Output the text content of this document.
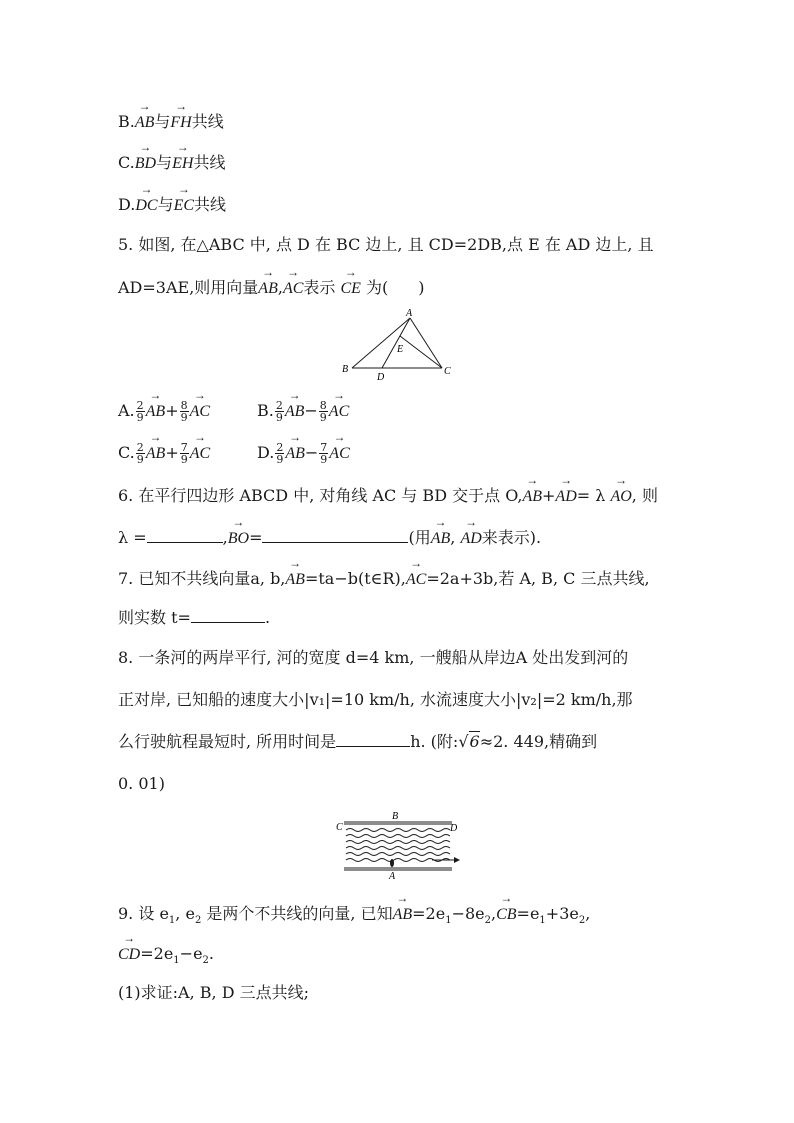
B.→ AB与→ FH共线
C.→ BD与→ EH共线
D.→ DC与→ EC共线
5. 如图, 在△ABC 中, 点 D 在 BC 边上, 且 CD=2DB,点 E 在 AD 边上, 且
AD=3AE,则用向量→ AB,→ AC表示 → CE 为( )
A
B	C
D
E
A. $\frac{2}{9}$
→ $AB+ \frac{8}{9}$
→ AC	B. $\frac{2}{9}$
→ $AB- \frac{8}{9}$
→ AC
C. $\frac{2}{9}$
→ $AB+ \frac{7}{9}$
→ AC	D. $\frac{2}{9}$
→ $AB- \frac{7}{9}$
→ AC
6. 在平行四边形 ABCD 中, 对角线 AC 与 BD 交于点 O,→ AB+→ AD= λ → AO, 则
λ =	,→ BO=	(用→ AB, → AD来表示).
7. 已知不共线向量a, b,→ AB=ta−b(t∈R),→ AC=2a+3b,若 A, B, C 三点共线,
则实数 t=	.
8. 一条河的两岸平行, 河的宽度 d=4 km, 一艘船从岸边A 处出发到河的
正对岸, 已知船的速度大小|v₁|=10 km/h, 水流速度大小|v₂|=2 km/h,那
么行驶航程最短时, 所用时间是	h. (附:√6≈2. 449,精确到
0. 01)
B
C	D
A
9. 设 $e_1$, $e_2$ 是两个不共线的向量, 已知→ $AB=2e_1-8e_2,\to CB=e_1+3e_2$,
→ $CD=2e_1-e_2$.
(1)求证:A, B, D 三点共线;
